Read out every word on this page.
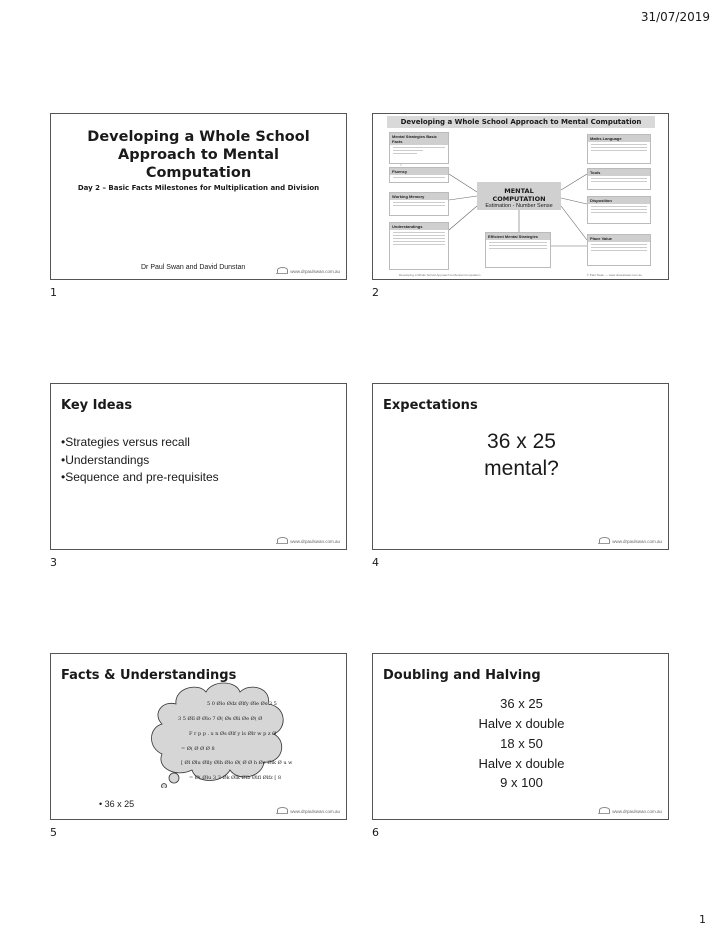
31/07/2019
Developing a Whole School
Approach to Mental
Computation
Day 2 – Basic Facts Milestones for Multiplication and Division
Dr Paul Swan and David Dunstan	www.drpaulswan.com.au
1
Developing a Whole School Approach to Mental Computation
Mental Strategies Basic Facts
Fluency
Working Memory
Understandings
MENTAL COMPUTATION
Estimation - Number Sense
Efficient Mental Strategies
Maths Language
Tools
Disposition
Place Value
Developing a Whole School Approach to Mental Computation	© Paul Swan — www.drpaulswan.com.au
2
Key Ideas
•Strategies versus recall
•Understandings
•Sequence and pre-requisites
www.drpaulswan.com.au
3
Expectations
36 x 25
mental?
www.drpaulswan.com.au
4
Facts & Understandings
5 0 Ølo Ødz Ølfy Øle Øs 3 5
3 5 Ølï Ø Ølo 7 Ø( Øs Øli Øe Ø( Ø
F r p p . x n Øs Ølf y ls Ølr w p z Ø
= Ø( Ø Ø Ø 8
[ Øl Ølu Ølly Ølh Ølo Ø( Ø Ø h Øe Ølk Ø u w
= Ø( Ølu 3 3 Øk Ølk Ølb Ølfl Ølfz [ 8
• 36 x 25
www.drpaulswan.com.au
5
Doubling and Halving
36 x 25
Halve x double
18 x 50
Halve x double
9 x 100
www.drpaulswan.com.au
6
1
